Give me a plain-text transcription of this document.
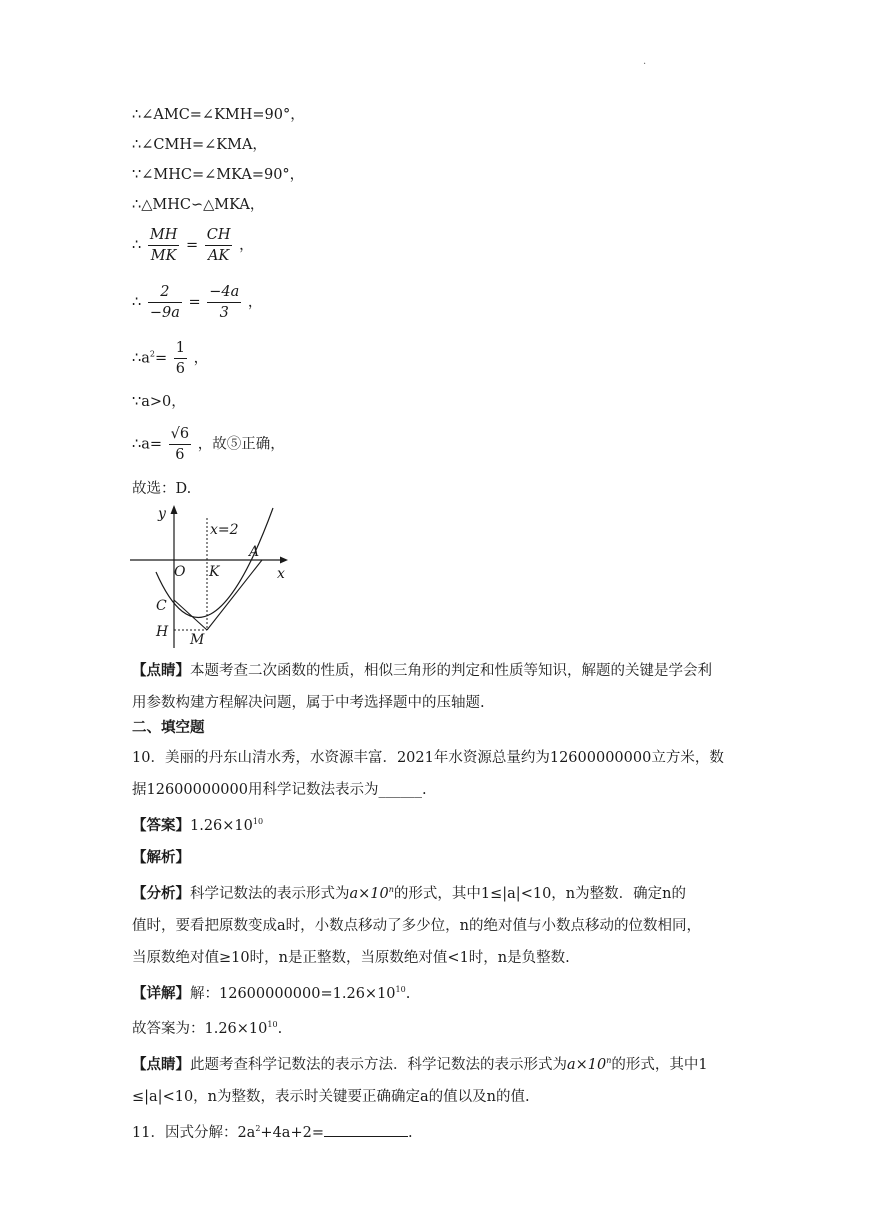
.
∴∠AMC=∠KMH=90°，
∴∠CMH=∠KMA，
∵∠MHC=∠MKA=90°，
∴△MHC∽△MKA，
∴ $\frac{MH}{MK} = \frac{CH}{AK}$ ，
∴ $\frac{2}{-9a} = \frac{-4a}{3}$ ，
$\therefore a^2= \frac{1}{6}$ ，
∵a>0，
∴a= $\frac{√6}{6}$ ，故⑤正确，
故选：D.
y
x
x=2
O K
A
C
H M
【点睛】本题考查二次函数的性质，相似三角形的判定和性质等知识，解题的关键是学会利
用参数构建方程解决问题，属于中考选择题中的压轴题.
二、填空题
10．美丽的丹东山清水秀，水资源丰富．2021年水资源总量约为12600000000立方米，数
据12600000000用科学记数法表示为______.
【答案】$1.26\times 10^{10}$
【解析】
【分析】科学记数法的表示形式为$a\times 10^n$的形式，其中1≤|a|<10，n为整数．确定n的
值时，要看把原数变成a时，小数点移动了多少位，n的绝对值与小数点移动的位数相同，
当原数绝对值≥10时，n是正整数，当原数绝对值<1时，n是负整数.
【详解】解：$12600000000=1.26\times 10^{10}$.
故答案为：$1.26\times 10^{10}$.
【点睛】此题考查科学记数法的表示方法．科学记数法的表示形式为$a\times 10^n$的形式，其中1
≤|a|<10，n为整数，表示时关键要正确确定a的值以及n的值.
11．因式分解：$2a^2+4a+2=$	.
